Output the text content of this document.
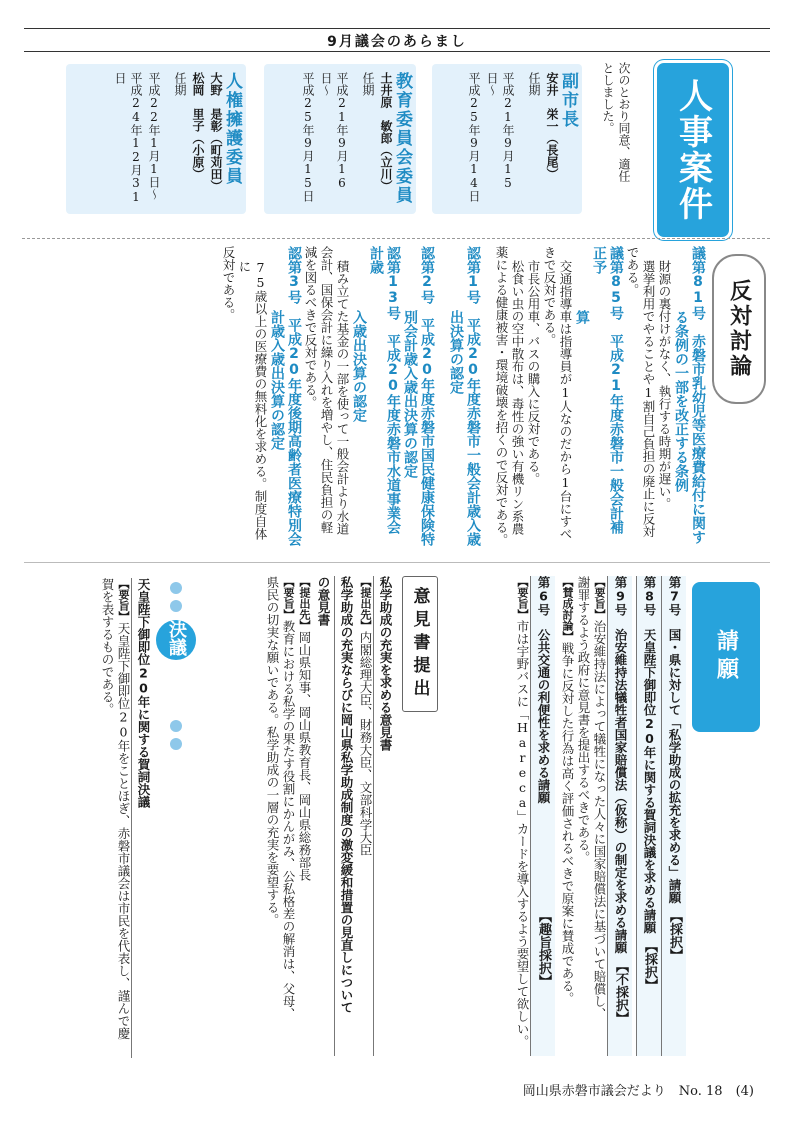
9月議会のあらまし
人事案件
次のとおり同意、適任としました。
副市長
安井　栄一（長尾）
任期
平成21年9月15日〜
平成25年9月14日
教育委員会委員
土井原　敏郎（立川）
任期
平成21年9月16日〜
平成25年9月15日
人権擁護委員
大野　是彰（町苅田）
松岡　里子（小原）
任期
平成22年1月1日〜
平成24年12月31日
反対討論
議第81号　赤磐市乳幼児等医療費給付に関す
る条例の一部を改正する条例
財源の裏付けがなく、執行する時期が遅い。
選挙利用でやることや1割自己負担の廃止に反対
である。
議第85号　平成21年度赤磐市一般会計補正予
算
交通指導車は指導員が1人なのだから1台にすべ
きで反対である。
市長公用車、バスの購入に反対である。
松食い虫の空中散布は、毒性の強い有機リン系農
薬による健康被害・環境破壊を招くので反対である。
認第1号　平成20年度赤磐市一般会計歳入歳
出決算の認定
認第2号　平成20年度赤磐市国民健康保険特
別会計歳入歳出決算の認定
認第13号　平成20年度赤磐市水道事業会計歳
入歳出決算の認定
積み立てた基金の一部を使って一般会計より水道
会計、国保会計に繰り入れを増やし、住民負担の軽
減を図るべきで反対である。
認第3号　平成20年度後期高齢者医療特別会
計歳入歳出決算の認定
75歳以上の医療費の無料化を求める。制度自体に
反対である。
請願
第7号　国・県に対して「私学助成の拡充を求める」請願　【採択】
第8号　天皇陛下御即位20年に関する賀詞決議を求める請願　【採択】
第9号　治安維持法犠牲者国家賠償法（仮称）の制定を求める請願　【不採択】
【要旨】治安維持法によって犠牲になった人々に国家賠償法に基づいて賠償し、
謝罪するよう政府に意見書を提出するべきである。
【賛成討論】戦争に反対した行為は高く評価されるべきで原案に賛成である。
第6号　公共交通の利便性を求める請願　　　　　　　　　【趣旨採択】
【要旨】市は宇野バスに「Hareca」カードを導入するよう要望して欲しい。
意見書提出
私学助成の充実を求める意見書
【提出先】内閣総理大臣、財務大臣、文部科学大臣
私学助成の充実ならびに岡山県私学助成制度の激変緩和措置の見直しについて
の意見書
【提出先】岡山県知事、岡山県教育長、岡山県総務部長
【要旨】教育における私学の果たす役割にかんがみ、公私格差の解消は、父母、
県民の切実な願いである。私学助成の一層の充実を要望する。
決議
天皇陛下御即位20年に関する賀詞決議
【要旨】天皇陛下御即位20年をことほぎ、赤磐市議会は市民を代表し、謹んで慶
賀を表するものである。
岡山県赤磐市議会だより　No. 18　(4)
